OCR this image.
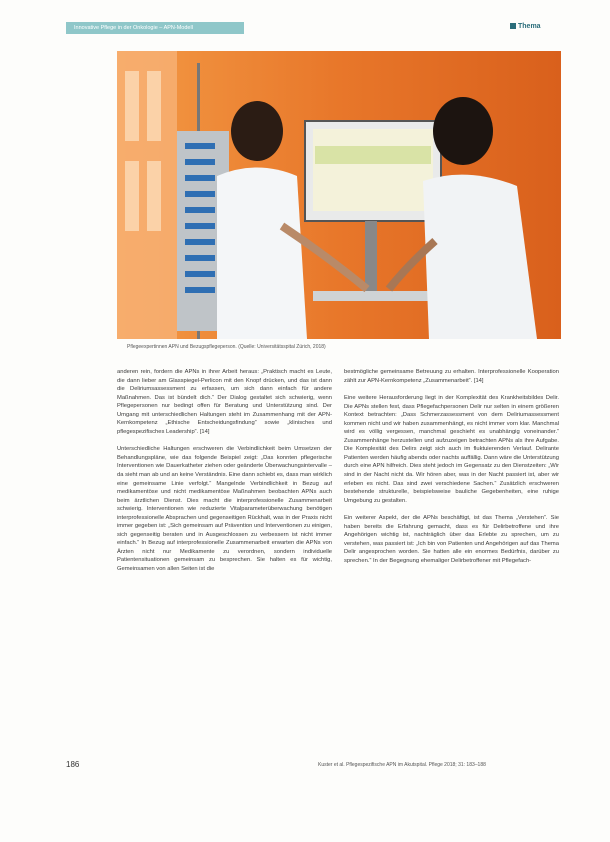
Innovative Pflege in der Onkologie – APN-Modell	Thema
Pflegeexpertinnen APN und Bezugspflegeperson. (Quelle: Universitätsspital Zürich, 2018)

anderen rein, fordern die APNs in ihrer Arbeit heraus: „Praktisch macht es Leute, die dann lieber am Glasspiegel-Perlicon mit den Knopf drücken, und das ist dann die Deliriumsassessment zu erfassen, um sich dann einfach für andere Maßnahmen. Das ist bündelt dich.“ Der Dialog gestaltet sich schwierig, wenn Pflegepersonen nur bedingt offen für Beratung und Unterstützung sind. Der Umgang mit unterschiedlichen Haltungen steht im Zusammenhang mit der APN-Kernkompetenz „Ethische Entscheidungsfindung“ sowie „klinisches und pflegespezifisches Leadership“. [14]

Unterschiedliche Haltungen erschweren die Verbindlichkeit beim Umsetzen der Behandlungspläne, wie das folgende Beispiel zeigt: „Das konnten pflegerische Interventionen wie Dauerkatheter ziehen oder geänderte Überwachungsintervalle – da sieht man ab und an keine Verständnis. Eine dann schiebt es, dass man wirklich eine gemeinsame Linie verfolgt.“ Mangelnde Verbindlichkeit in Bezug auf medikamentöse und nicht medikamentöse Maßnahmen beobachten APNs auch beim ärztlichen Dienst. Dies macht die interprofessionelle Zusammenarbeit schwierig. Interventionen wie reduzierte Vitalparameterüberwachung benötigen interprofessionelle Absprachen und gegenseitigen Rückhalt, was in der Praxis nicht immer gegeben ist: „Sich gemeinsam auf Prävention und Interventionen zu einigen, sich gegenseitig beraten und in Ausgeschlossen zu verbessern ist nicht immer einfach.“ In Bezug auf interprofessionelle Zusammenarbeit erwarten die APNs von Ärzten nicht nur Medikamente zu verordnen, sondern individuelle Patientensituationen gemeinsam zu besprechen. Sie halten es für wichtig, Gemeinsamen von allen Seiten ist die

bestmögliche gemeinsame Betreuung zu erhalten. Interprofessionelle Kooperation zählt zur APN-Kernkompetenz „Zusammenarbeit“. [14]

Eine weitere Herausforderung liegt in der Komplexität des Krankheitsbildes Delir. Die APNs stellen fest, dass Pflegefachpersonen Delir nur selten in einem größeren Kontext betrachten: „Dass Schmerzassessment von dem Deliriumassessment kommen nicht und wir haben zusammenhängt, es nicht immer vorn klar. Manchmal wird es völlig vergessen, manchmal geschieht es unabhängig voneinander.“ Zusammenhänge herzustellen und aufzuzeigen betrachten APNs als ihre Aufgabe. Die Komplexität des Delirs zeigt sich auch im fluktuierenden Verlauf. Delirante Patienten werden häufig abends oder nachts auffällig. Dann wäre die Unterstützung durch eine APN hilfreich. Dies steht jedoch im Gegensatz zu den Dienstzeiten: „Wir sind in der Nacht nicht da. Wir hören aber, was in der Nacht passiert ist, aber wir erleben es nicht. Das sind zwei verschiedene Sachen.“ Zusätzlich erschweren bestehende strukturelle, beispielsweise bauliche Gegebenheiten, eine ruhige Umgebung zu gestalten.

Ein weiterer Aspekt, der die APNs beschäftigt, ist das Thema „Verstehen“. Sie haben bereits die Erfahrung gemacht, dass es für Delirbetroffene und ihre Angehörigen wichtig ist, nachträglich über das Erlebte zu sprechen, um zu verstehen, was passiert ist: „Ich bin von Patienten und Angehörigen auf das Thema Delir angesprochen worden. Sie hatten alle ein enormes Bedürfnis, darüber zu sprechen.“ In der Begegnung ehemaliger Delirbetroffener mit Pflegefach-

186	Kuster et al. Pflegespezifische APN im Akutspital. Pflege 2018; 31: 183–188
